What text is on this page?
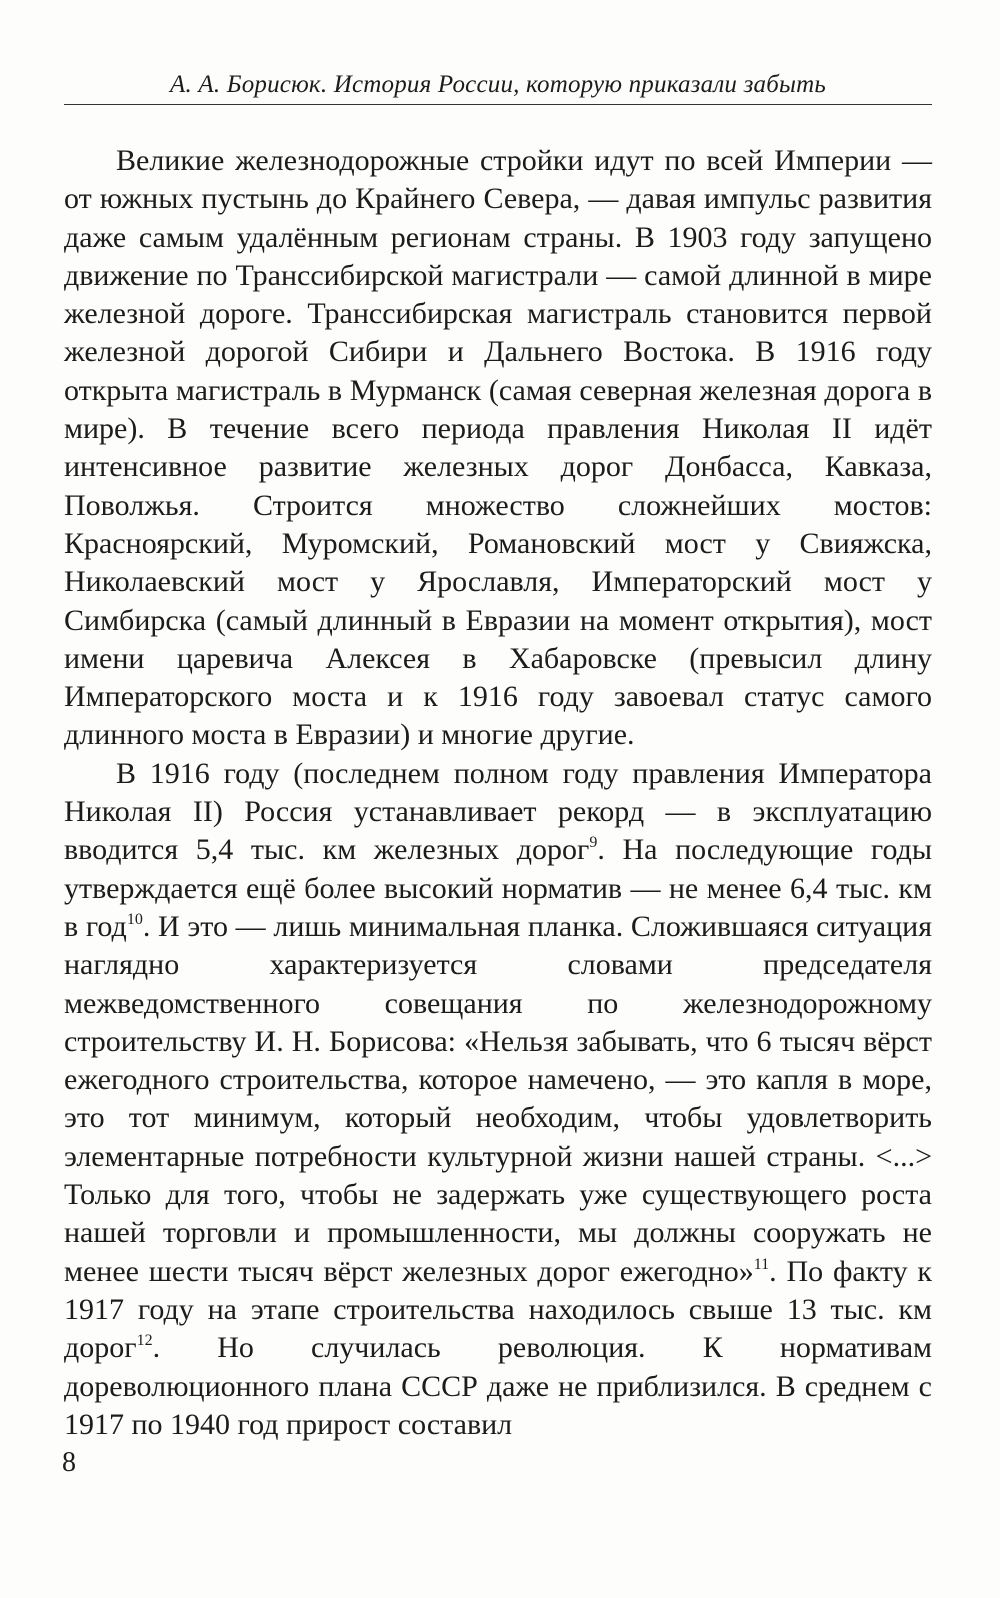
А. А. Борисюк. История России, которую приказали забыть

Великие железнодорожные стройки идут по всей Империи — от южных пустынь до Крайнего Севера, — давая импульс развития даже самым удалённым регионам страны. В 1903 году запущено движение по Транссибирской магистрали — самой длинной в мире железной дороге. Транссибирская магистраль становится первой железной дорогой Сибири и Дальнего Востока. В 1916 году открыта магистраль в Мурманск (самая северная железная дорога в мире). В течение всего периода правления Николая II идёт интенсивное развитие железных дорог Донбасса, Кавказа, Поволжья. Строится множество сложнейших мостов: Красноярский, Муромский, Романовский мост у Свияжска, Николаевский мост у Ярославля, Императорский мост у Симбирска (самый длинный в Евразии на момент открытия), мост имени царевича Алексея в Хабаровске (превысил длину Императорского моста и к 1916 году завоевал статус самого длинного моста в Евразии) и многие другие.

В 1916 году (последнем полном году правления Императора Николая II) Россия устанавливает рекорд — в эксплуатацию вводится 5,4 тыс. км железных дорог$^9$. На последующие годы утверждается ещё более высокий норматив — не менее 6,4 тыс. км в год$^{10}$. И это — лишь минимальная планка. Сложившаяся ситуация наглядно характеризуется словами председателя межведомственного совещания по железнодорожному строительству И. Н. Борисова: «Нельзя забывать, что 6 тысяч вёрст ежегодного строительства, которое намечено, — это капля в море, это тот минимум, который необходим, чтобы удовлетворить элементарные потребности культурной жизни нашей страны. <...> Только для того, чтобы не задержать уже существующего роста нашей торговли и промышленности, мы должны сооружать не менее шести тысяч вёрст железных дорог ежегодно»$^{11}$. По факту к 1917 году на этапе строительства находилось свыше 13 тыс. км дорог$^{12}$. Но случилась революция. К нормативам дореволюционного плана СССР даже не приблизился. В среднем с 1917 по 1940 год прирост составил

8
